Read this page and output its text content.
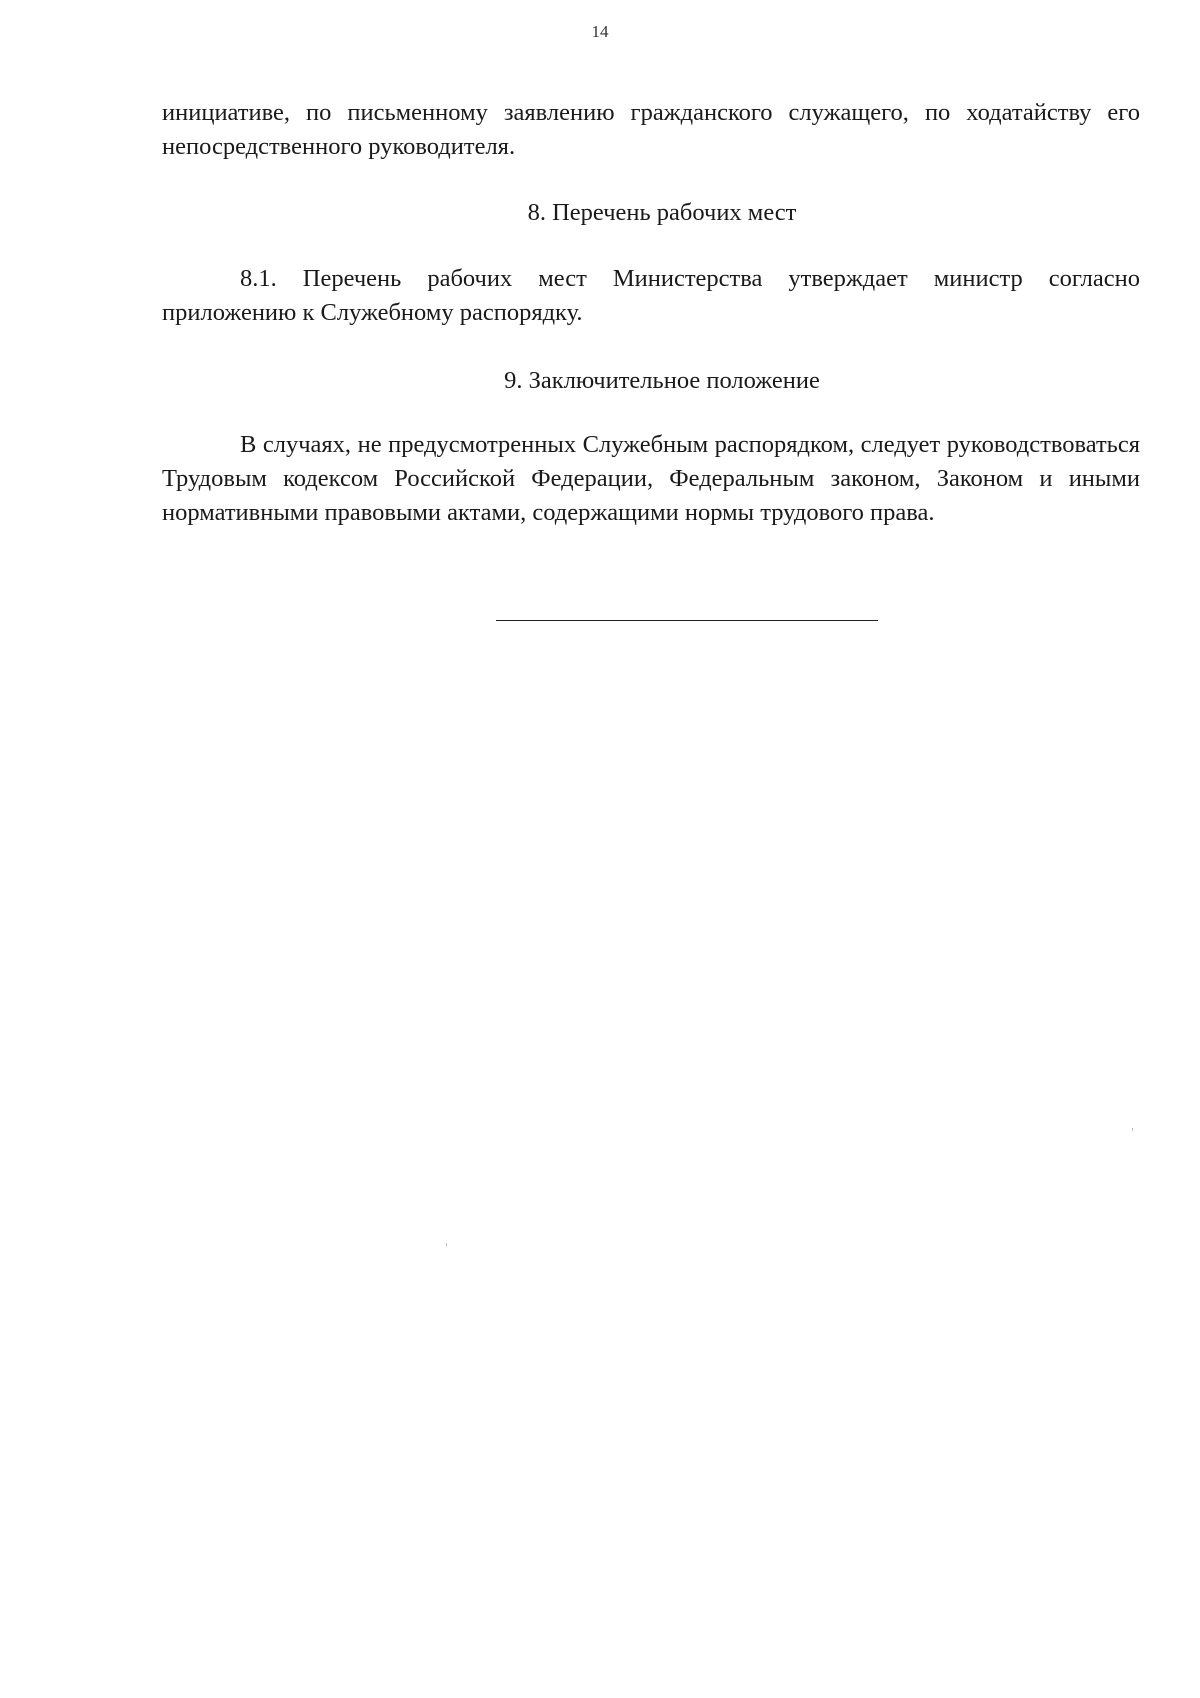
14

инициативе, по письменному заявлению гражданского служащего, по ходатайству его непосредственного руководителя.

8. Перечень рабочих мест

8.1. Перечень рабочих мест Министерства утверждает министр согласно приложению к Служебному распорядку.

9. Заключительное положение

В случаях, не предусмотренных Служебным распорядком, следует руководствоваться Трудовым кодексом Российской Федерации, Федеральным законом, Законом и иными нормативными правовыми актами, содержащими нормы трудового права.
